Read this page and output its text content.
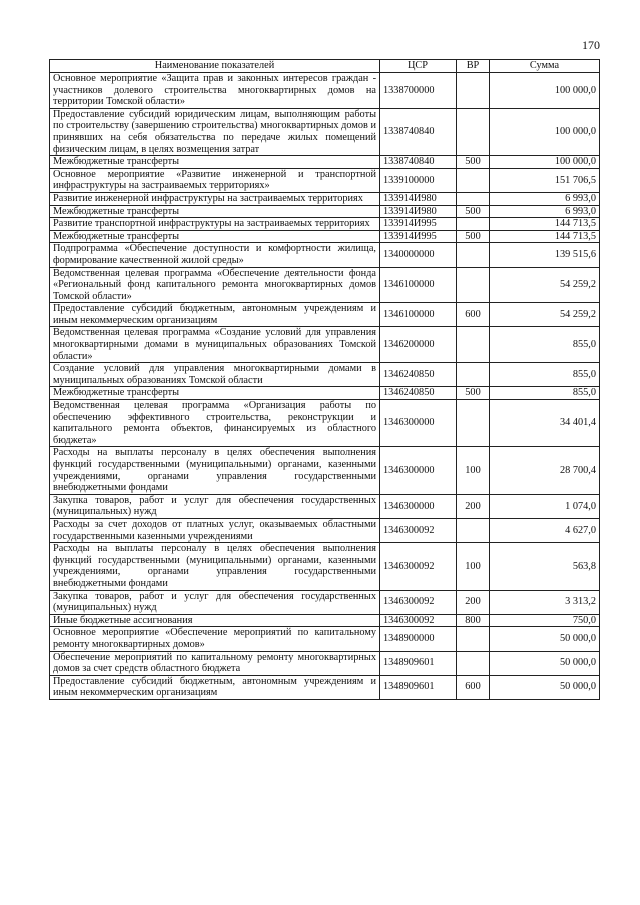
170
Наименование показателей	ЦСР	ВР	Сумма
Основное мероприятие «Защита прав и законных интересов граждан - участников долевого строительства многоквартирных домов на территории Томской области»	1338700000		100 000,0
Предоставление субсидий юридическим лицам, выполняющим работы по строительству (завершению строительства) многоквартирных домов и принявших на себя обязательства по передаче жилых помещений физическим лицам, в целях возмещения затрат	1338740840		100 000,0
Межбюджетные трансферты	1338740840	500	100 000,0
Основное мероприятие «Развитие инженерной и транспортной инфраструктуры на застраиваемых территориях»	1339100000		151 706,5
Развитие инженерной инфраструктуры на застраиваемых территориях	133914И980		6 993,0
Межбюджетные трансферты	133914И980	500	6 993,0
Развитие транспортной инфраструктуры на застраиваемых территориях	133914И995		144 713,5
Межбюджетные трансферты	133914И995	500	144 713,5
Подпрограмма «Обеспечение доступности и комфортности жилища, формирование качественной жилой среды»	1340000000		139 515,6
Ведомственная целевая программа «Обеспечение деятельности фонда «Региональный фонд капитального ремонта многоквартирных домов Томской области»	1346100000		54 259,2
Предоставление субсидий бюджетным, автономным учреждениям и иным некоммерческим организациям	1346100000	600	54 259,2
Ведомственная целевая программа «Создание условий для управления многоквартирными домами в муниципальных образованиях Томской области»	1346200000		855,0
Создание условий для управления многоквартирными домами в муниципальных образованиях Томской области	1346240850		855,0
Межбюджетные трансферты	1346240850	500	855,0
Ведомственная целевая программа «Организация работы по обеспечению эффективного строительства, реконструкции и капитального ремонта объектов, финансируемых из областного бюджета»	1346300000		34 401,4
Расходы на выплаты персоналу в целях обеспечения выполнения функций государственными (муниципальными) органами, казенными учреждениями, органами управления государственными внебюджетными фондами	1346300000	100	28 700,4
Закупка товаров, работ и услуг для обеспечения государственных (муниципальных) нужд	1346300000	200	1 074,0
Расходы за счет доходов от платных услуг, оказываемых областными государственными казенными учреждениями	1346300092		4 627,0
Расходы на выплаты персоналу в целях обеспечения выполнения функций государственными (муниципальными) органами, казенными учреждениями, органами управления государственными внебюджетными фондами	1346300092	100	563,8
Закупка товаров, работ и услуг для обеспечения государственных (муниципальных) нужд	1346300092	200	3 313,2
Иные бюджетные ассигнования	1346300092	800	750,0
Основное мероприятие «Обеспечение мероприятий по капитальному ремонту многоквартирных домов»	1348900000		50 000,0
Обеспечение мероприятий по капитальному ремонту многоквартирных домов за счет средств областного бюджета	1348909601		50 000,0
Предоставление субсидий бюджетным, автономным учреждениям и иным некоммерческим организациям	1348909601	600	50 000,0
